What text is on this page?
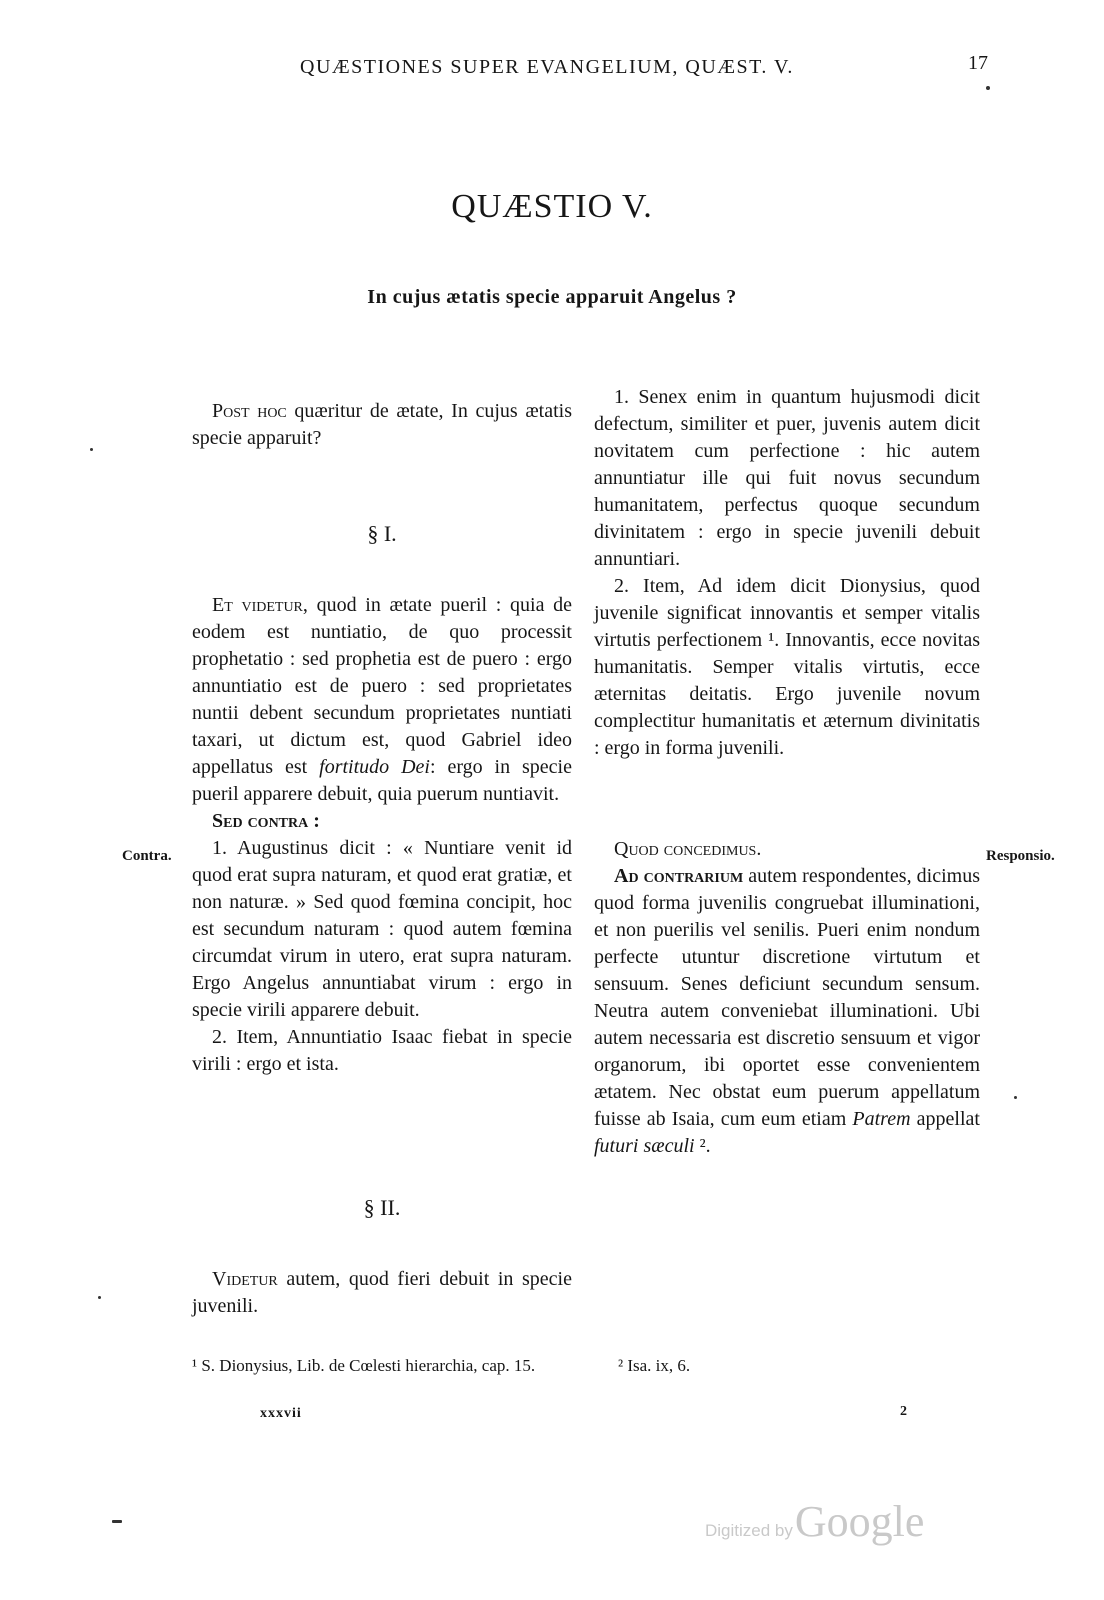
QUÆSTIONES SUPER EVANGELIUM, QUÆST. V.	17
QUÆSTIO V.
In cujus ætatis specie apparuit Angelus ?

Post hoc quæritur de ætate, In cujus ætatis specie apparuit?

§ I.

Et videtur, quod in ætate pueril : quia de eodem est nuntiatio, de quo processit prophetatio : sed prophetia est de puero : ergo annuntiatio est de puero : sed proprietates nuntii debent secundum proprietates nuntiati taxari, ut dictum est, quod Gabriel ideo appellatus est fortitudo Dei: ergo in specie pueril apparere debuit, quia puerum nuntiavit.

Sed contra :

1. Augustinus dicit : « Nuntiare venit id quod erat supra naturam, et quod erat gratiæ, et non naturæ. » Sed quod fœmina concipit, hoc est secundum naturam : quod autem fœmina circumdat virum in utero, erat supra naturam. Ergo Angelus annuntiabat virum : ergo in specie virili apparere debuit.

2. Item, Annuntiatio Isaac fiebat in specie virili : ergo et ista.

§ II.

Videtur autem, quod fieri debuit in specie juvenili.

1. Senex enim in quantum hujusmodi dicit defectum, similiter et puer, juvenis autem dicit novitatem cum perfectione : hic autem annuntiatur ille qui fuit novus secundum humanitatem, perfectus quoque secundum divinitatem : ergo in specie juvenili debuit annuntiari.

2. Item, Ad idem dicit Dionysius, quod juvenile significat innovantis et semper vitalis virtutis perfectionem ¹. Innovantis, ecce novitas humanitatis. Semper vitalis virtutis, ecce æternitas deitatis. Ergo juvenile novum complectitur humanitatis et æternum divinitatis : ergo in forma juvenili.

Quod concedimus.

Ad contrarium autem respondentes, dicimus quod forma juvenilis congruebat illuminationi, et non puerilis vel senilis. Pueri enim nondum perfecte utuntur discretione virtutum et sensuum. Senes deficiunt secundum sensum. Neutra autem conveniebat illuminationi. Ubi autem necessaria est discretio sensuum et vigor organorum, ibi oportet esse convenientem ætatem. Nec obstat eum puerum appellatum fuisse ab Isaia, cum eum etiam Patrem appellat futuri sæculi ².

Contra.	Responsio.
¹ S. Dionysius, Lib. de Cœlesti hierarchia, cap. 15.	² Isa. ix, 6.
xxxvii	2
Digitized byGoogle
